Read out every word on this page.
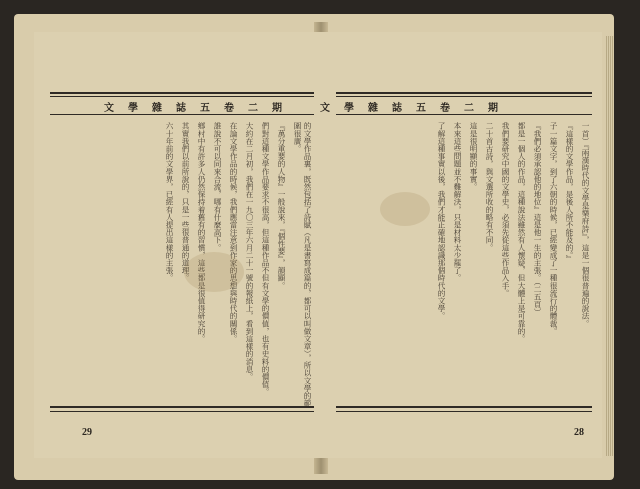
文學雜誌五卷二期

的文學作品裏，既然包括了詩賦（凡是書寫成篇的，都可以叫做文章），所以文學的範圍很廣。

『萬分重要的人物』一般說來，『個性要』，韻顯。

們對這種文學作品要求不很高，但這種作品不但有文學的價值，也有史料的價值。

大約在二月初，我們在一九〇三年六月二十一號的報紙上，看到這樣的消息。

在論文學作品的時候，我們應當注意到作家的思想與時代的關係。

誰說不可以同來合流，哪有什麼高下。

鄉村中有許多人仍然保持着舊有的習慣，這些都是很值得研究的。

其實我們以前所說的，只是一些很普通的道理。

六十年前的文學界，已經有人提出這樣的主張。

29
文學雜誌五卷二期

一首）『兩漢時代的文學是樂府詩』，這是一個很普遍的說法。

『這樣的文學作品，是後人所不能及的。』

子一篇文字，到了六朝的時候，已經變成了一種很流行的體裁。

『我們必須承認他的地位』這是他一生的主張。（二五頁）

都是一個人的作品，這種說法雖然有人懷疑，但大體上是可靠的。

我們要研究中國的文學史，必須先從這些作品入手。

二十首古詩，與文選所收的略有不同。

這是很明顯的事實。

本來這些問題並不難解決，只是材料太少罷了。

了解這種事實以後，我們才能正確地認識那個時代的文學。

28
